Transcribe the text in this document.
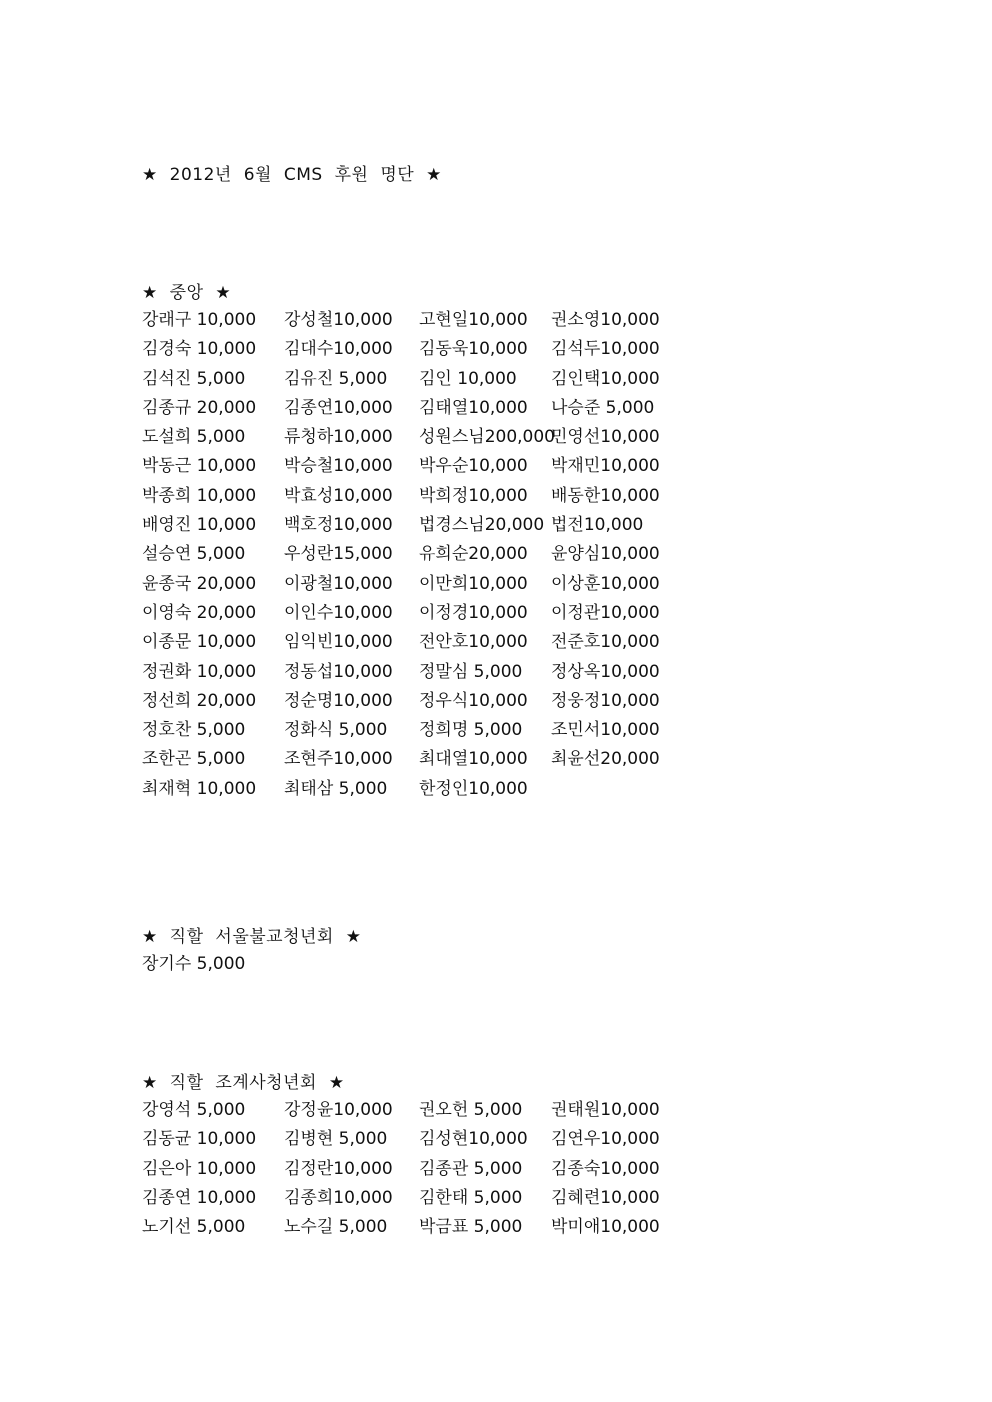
★ 2012년 6월 CMS 후원 명단 ★
★ 중앙 ★
강래구 10,000 강성철10,000 고현일10,000 권소영10,000
김경숙 10,000 김대수10,000 김동욱10,000 김석두10,000
김석진 5,000 김유진 5,000 김인 10,000 김인택10,000
김종규 20,000 김종연10,000 김태열10,000 나승준 5,000
도설희 5,000 류청하10,000 성원스님200,000
민영선10,000
박동근 10,000 박승철10,000 박우순10,000 박재민10,000
박종희 10,000 박효성10,000 박희정10,000 배동한10,000
배영진 10,000 백호정10,000 법경스님20,000 법전10,000
설승연 5,000 우성란15,000 유희순20,000 윤양심10,000
윤종국 20,000 이광철10,000 이만희10,000 이상훈10,000
이영숙 20,000 이인수10,000 이정경10,000 이정관10,000
이종문 10,000 임익빈10,000 전안호10,000 전준호10,000
정권화 10,000 정동섭10,000 정말심 5,000 정상옥10,000
정선희 20,000 정순명10,000 정우식10,000 정웅정10,000
정호찬 5,000 정화식 5,000 정희명 5,000 조민서10,000
조한곤 5,000 조현주10,000 최대열10,000 최윤선20,000
최재혁 10,000 최태삼 5,000 한정인10,000
★ 직할 서울불교청년회 ★
장기수 5,000
★ 직할 조계사청년회 ★
강영석 5,000 강정윤10,000 권오헌 5,000 권태원10,000
김동균 10,000 김병현 5,000 김성현10,000 김연우10,000
김은아 10,000 김정란10,000 김종관 5,000 김종숙10,000
김종연 10,000 김종희10,000 김한태 5,000 김혜련10,000
노기선 5,000 노수길 5,000 박금표 5,000 박미애10,000
